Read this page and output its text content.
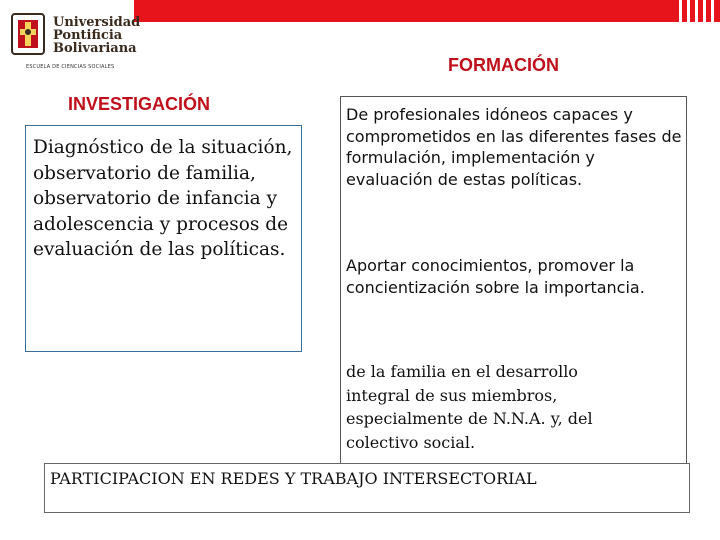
Universidad
Pontificia
Bolivariana
ESCUELA DE CIENCIAS SOCIALES	FORMACIÓN
INVESTIGACIÓN
Diagnóstico de la situación, observatorio de familia, observatorio de infancia y adolescencia y procesos de evaluación de las políticas.
De profesionales idóneos capaces y comprometidos en las diferentes fases de formulación, implementación y evaluación de estas políticas.
Aportar conocimientos, promover la concientización sobre la importancia.
de la familia en el desarrollo integral de sus miembros, especialmente de N.N.A. y, del colectivo social.
PARTICIPACION EN REDES Y TRABAJO INTERSECTORIAL
